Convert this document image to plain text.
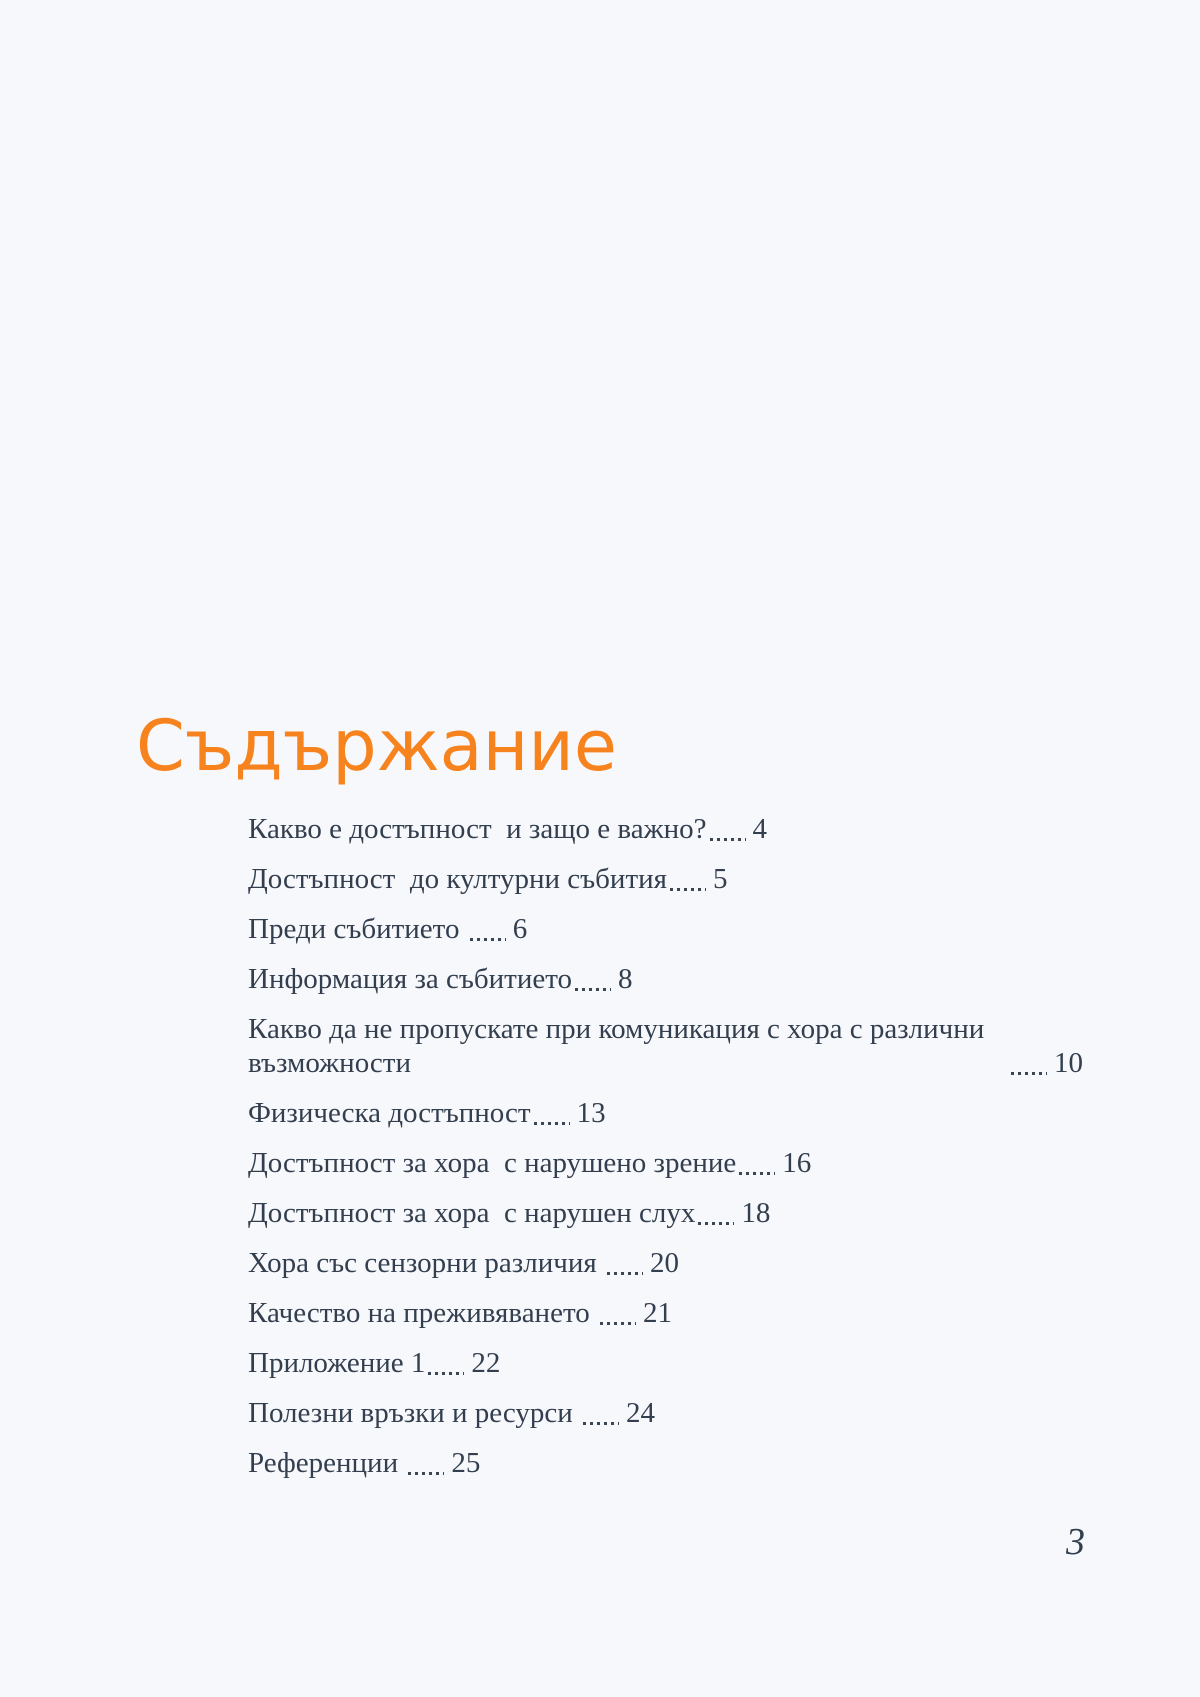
Съдържание
Какво е достъпност  и защо е важно? 4
Достъпност  до културни събития 5
Преди събитието 6
Информация за събитието 8
Какво да не пропускате при комуникация с хора с различни възможности	10
Физическа достъпност 13
Достъпност за хора  с нарушено зрение 16
Достъпност за хора  с нарушен слух 18
Хора със сензорни различия 20
Качество на преживяването 21
Приложение 1 22
Полезни връзки и ресурси 24
Референции 25
3
